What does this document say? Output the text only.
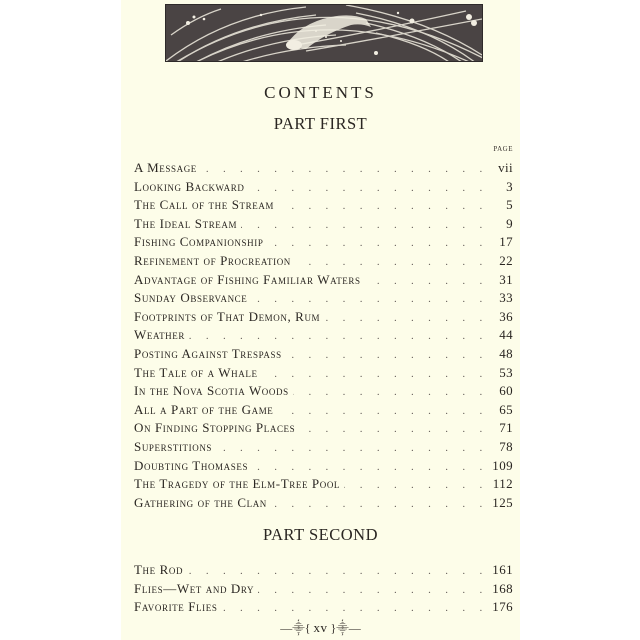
CONTENTS
PART FIRST
PAGE
A Message . . .	vii
Looking Backward . . .	3
The Call of the Stream . . .	5
The Ideal Stream . . .	9
Fishing Companionship . . .	17
Refinement of Procreation . . .	22
Advantage of Fishing Familiar Waters . . .	31
Sunday Observance . . .	33
Footprints of That Demon, Rum . . .	36
Weather . . .	44
Posting Against Trespass . . .	48
The Tale of a Whale . . .	53
In the Nova Scotia Woods . . .	60
All a Part of the Game . . .	65
On Finding Stopping Places . . .	71
Superstitions . . .	78
Doubting Thomases . . .	109
The Tragedy of the Elm-Tree Pool . . .	112
Gathering of the Clan . . .	125
PART SECOND
The Rod . . .	161
Flies—Wet and Dry . . .	168
Favorite Flies . . .	176
—⸎{ xv }⸎—
